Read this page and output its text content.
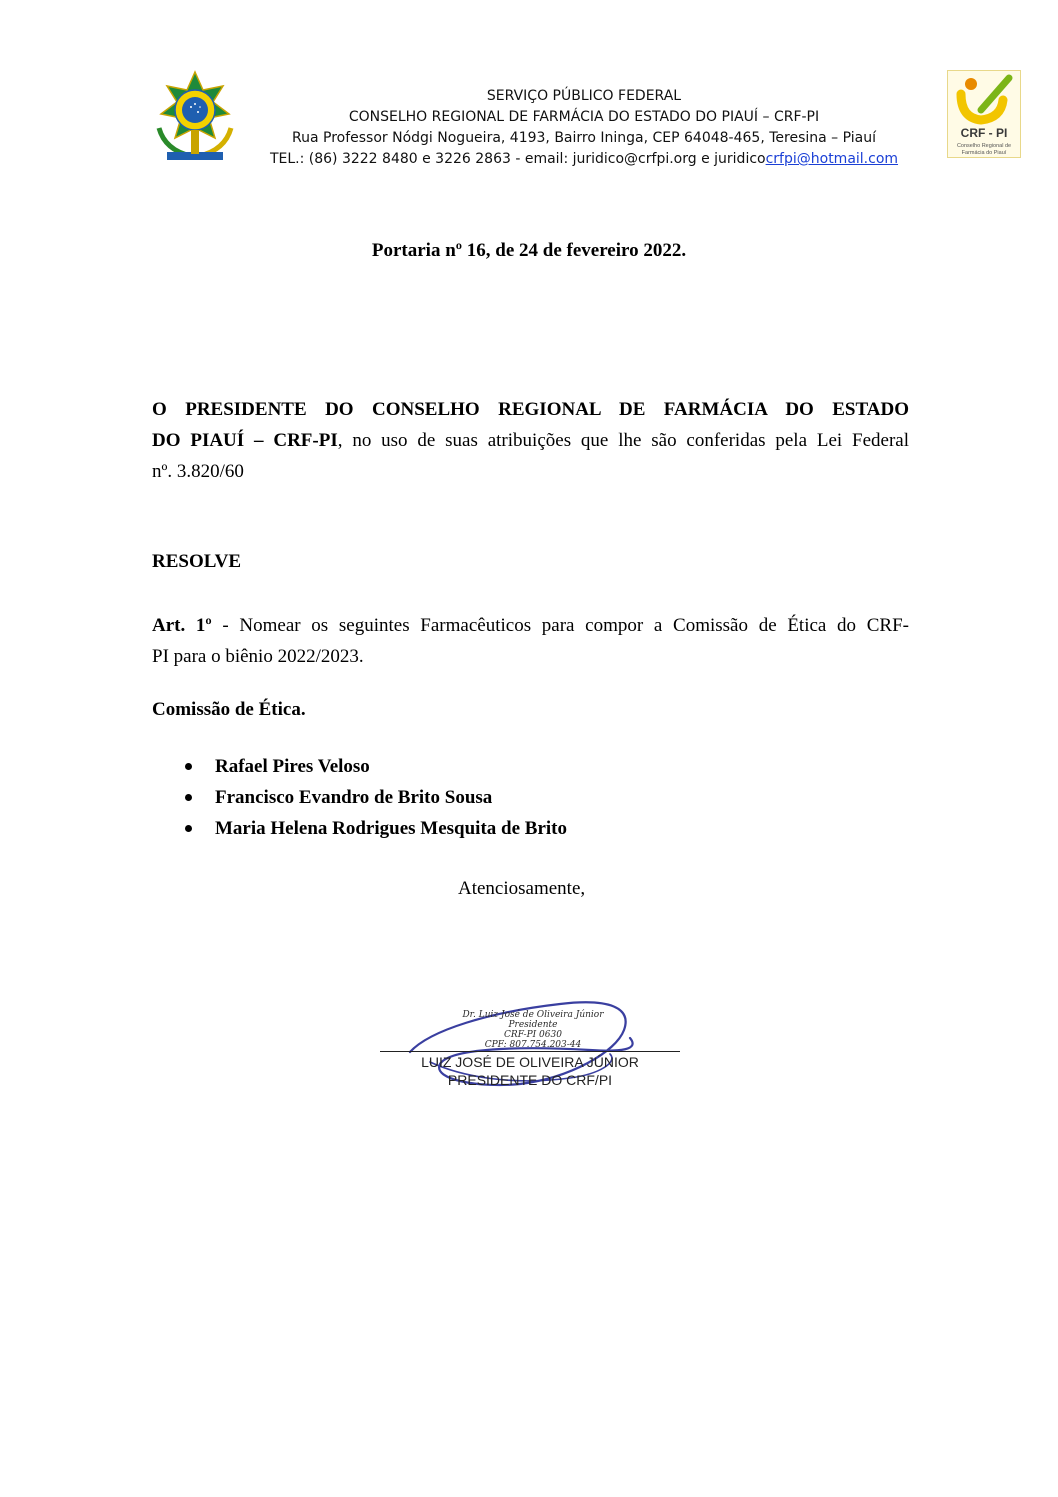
SERVIÇO PÚBLICO FEDERAL
CONSELHO REGIONAL DE FARMÁCIA DO ESTADO DO PIAUÍ – CRF-PI
Rua Professor Nódgi Nogueira, 4193, Bairro Ininga, CEP 64048-465, Teresina – Piauí
TEL.: (86) 3222 8480 e 3226 2863 - email: juridico@crfpi.org e juridicocrfpi@hotmail.com
CRF - PI
Conselho Regional de
Farmácia do Piauí
Portaria nº 16, de 24 de fevereiro 2022.
O PRESIDENTE DO CONSELHO REGIONAL DE FARMÁCIA DO ESTADO
DO PIAUÍ – CRF-PI, no uso de suas atribuições que lhe são conferidas pela Lei Federal
nº. 3.820/60
RESOLVE
Art. 1º - Nomear os seguintes Farmacêuticos para compor a Comissão de Ética do CRF-
PI para o biênio 2022/2023.
Comissão de Ética.
Rafael Pires Veloso
Francisco Evandro de Brito Sousa
Maria Helena Rodrigues Mesquita de Brito
Atenciosamente,
Dr. Luiz José de Oliveira Júnior
Presidente
CRF-PI 0630
CPF: 807.754.203-44
LUIZ JOSÉ DE OLIVEIRA JÚNIOR
PRESIDENTE DO CRF/PI
